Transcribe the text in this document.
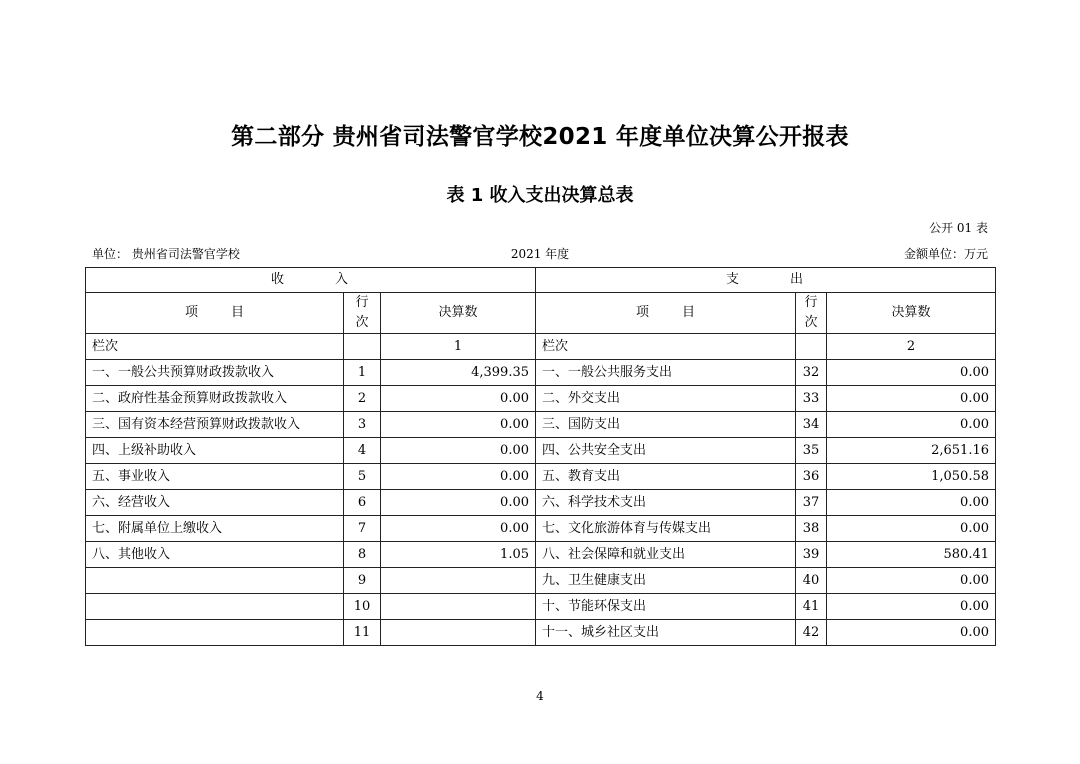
第二部分 贵州省司法警官学校2021 年度单位决算公开报表
表 1 收入支出决算总表
公开 01 表
单位： 贵州省司法警官学校	2021 年度	金额单位：万元
收        入			支        出		
项        目	行次	决算数	项        目	行次	决算数
栏次		1	栏次		2
一、一般公共预算财政拨款收入	1	4,399.35	一、一般公共服务支出	32	0.00
二、政府性基金预算财政拨款收入	2	0.00	二、外交支出	33	0.00
三、国有资本经营预算财政拨款收入	3	0.00	三、国防支出	34	0.00
四、上级补助收入	4	0.00	四、公共安全支出	35	2,651.16
五、事业收入	5	0.00	五、教育支出	36	1,050.58
六、经营收入	6	0.00	六、科学技术支出	37	0.00
七、附属单位上缴收入	7	0.00	七、文化旅游体育与传媒支出	38	0.00
八、其他收入	8	1.05	八、社会保障和就业支出	39	580.41
	9		九、卫生健康支出	40	0.00
	10		十、节能环保支出	41	0.00
	11		十一、城乡社区支出	42	0.00
4
